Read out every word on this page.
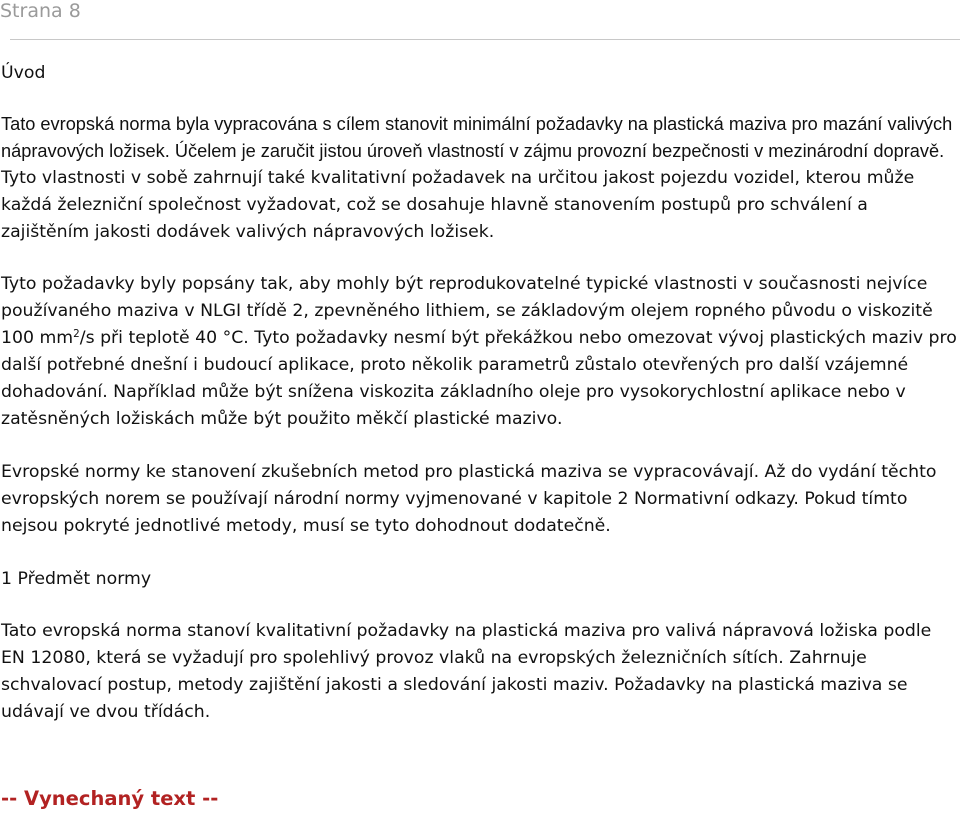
Strana 8
Úvod

Tato evropská norma byla vypracována s cílem stanovit minimální požadavky na plastická maziva pro mazání valivých nápravových ložisek. Účelem je zaručit jistou úroveň vlastností v zájmu provozní bezpečnosti v mezinárodní dopravě.

Tyto vlastnosti v sobě zahrnují také kvalitativní požadavek na určitou jakost pojezdu vozidel, kterou může každá železniční společnost vyžadovat, což se dosahuje hlavně stanovením postupů pro schválení a zajištěním jakosti dodávek valivých nápravových ložisek.

Tyto požadavky byly popsány tak, aby mohly být reprodukovatelné typické vlastnosti v současnosti nejvíce používaného maziva v NLGI třídě 2, zpevněného lithiem, se základovým olejem ropného původu o viskozitě 100 $mm^2/s$ při teplotě 40 °C. Tyto požadavky nesmí být překážkou nebo omezovat vývoj plastických maziv pro další potřebné dnešní i budoucí aplikace, proto několik parametrů zůstalo otevřených pro další vzájemné dohadování. Například může být snížena viskozita základního oleje pro vysokorychlostní aplikace nebo v zatěsněných ložiskách může být použito měkčí plastické mazivo.

Evropské normy ke stanovení zkušebních metod pro plastická maziva se vypracovávají. Až do vydání těchto evropských norem se používají národní normy vyjmenované v kapitole 2 Normativní odkazy. Pokud tímto nejsou pokryté jednotlivé metody, musí se tyto dohodnout dodatečně.

1 Předmět normy

Tato evropská norma stanoví kvalitativní požadavky na plastická maziva pro valivá nápravová ložiska podle EN 12080, která se vyžadují pro spolehlivý provoz vlaků na evropských železničních sítích. Zahrnuje schvalovací postup, metody zajištění jakosti a sledování jakosti maziv. Požadavky na plastická maziva se udávají ve dvou třídách.

-- Vynechaný text --
